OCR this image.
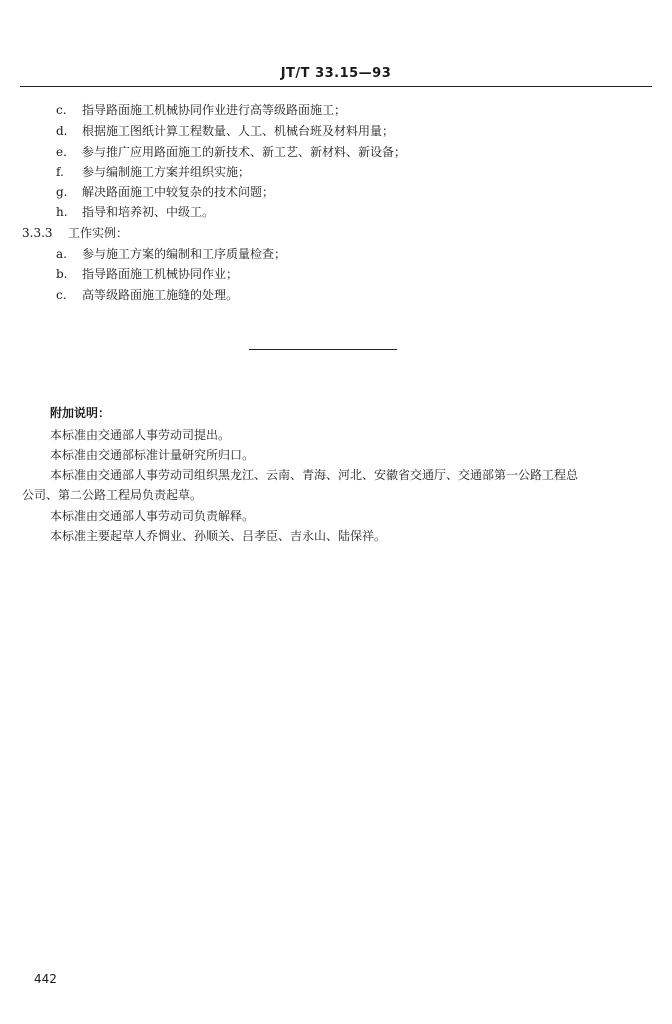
JT/T 33.15—93
c. 指导路面施工机械协同作业进行高等级路面施工；
d. 根据施工图纸计算工程数量、人工、机械台班及材料用量；
e. 参与推广应用路面施工的新技术、新工艺、新材料、新设备；
f. 参与编制施工方案并组织实施；
g. 解决路面施工中较复杂的技术问题；
h. 指导和培养初、中级工。
3.3.3 工作实例：
a. 参与施工方案的编制和工序质量检查；
b. 指导路面施工机械协同作业；
c. 高等级路面施工施缝的处理。
附加说明：
本标准由交通部人事劳动司提出。
本标准由交通部标准计量研究所归口。
本标准由交通部人事劳动司组织黑龙江、云南、青海、河北、安徽省交通厅、交通部第一公路工程总
公司、第二公路工程局负责起草。
本标准由交通部人事劳动司负责解释。
本标准主要起草人乔惆业、孙顺关、吕孝臣、吉永山、陆保祥。
442
